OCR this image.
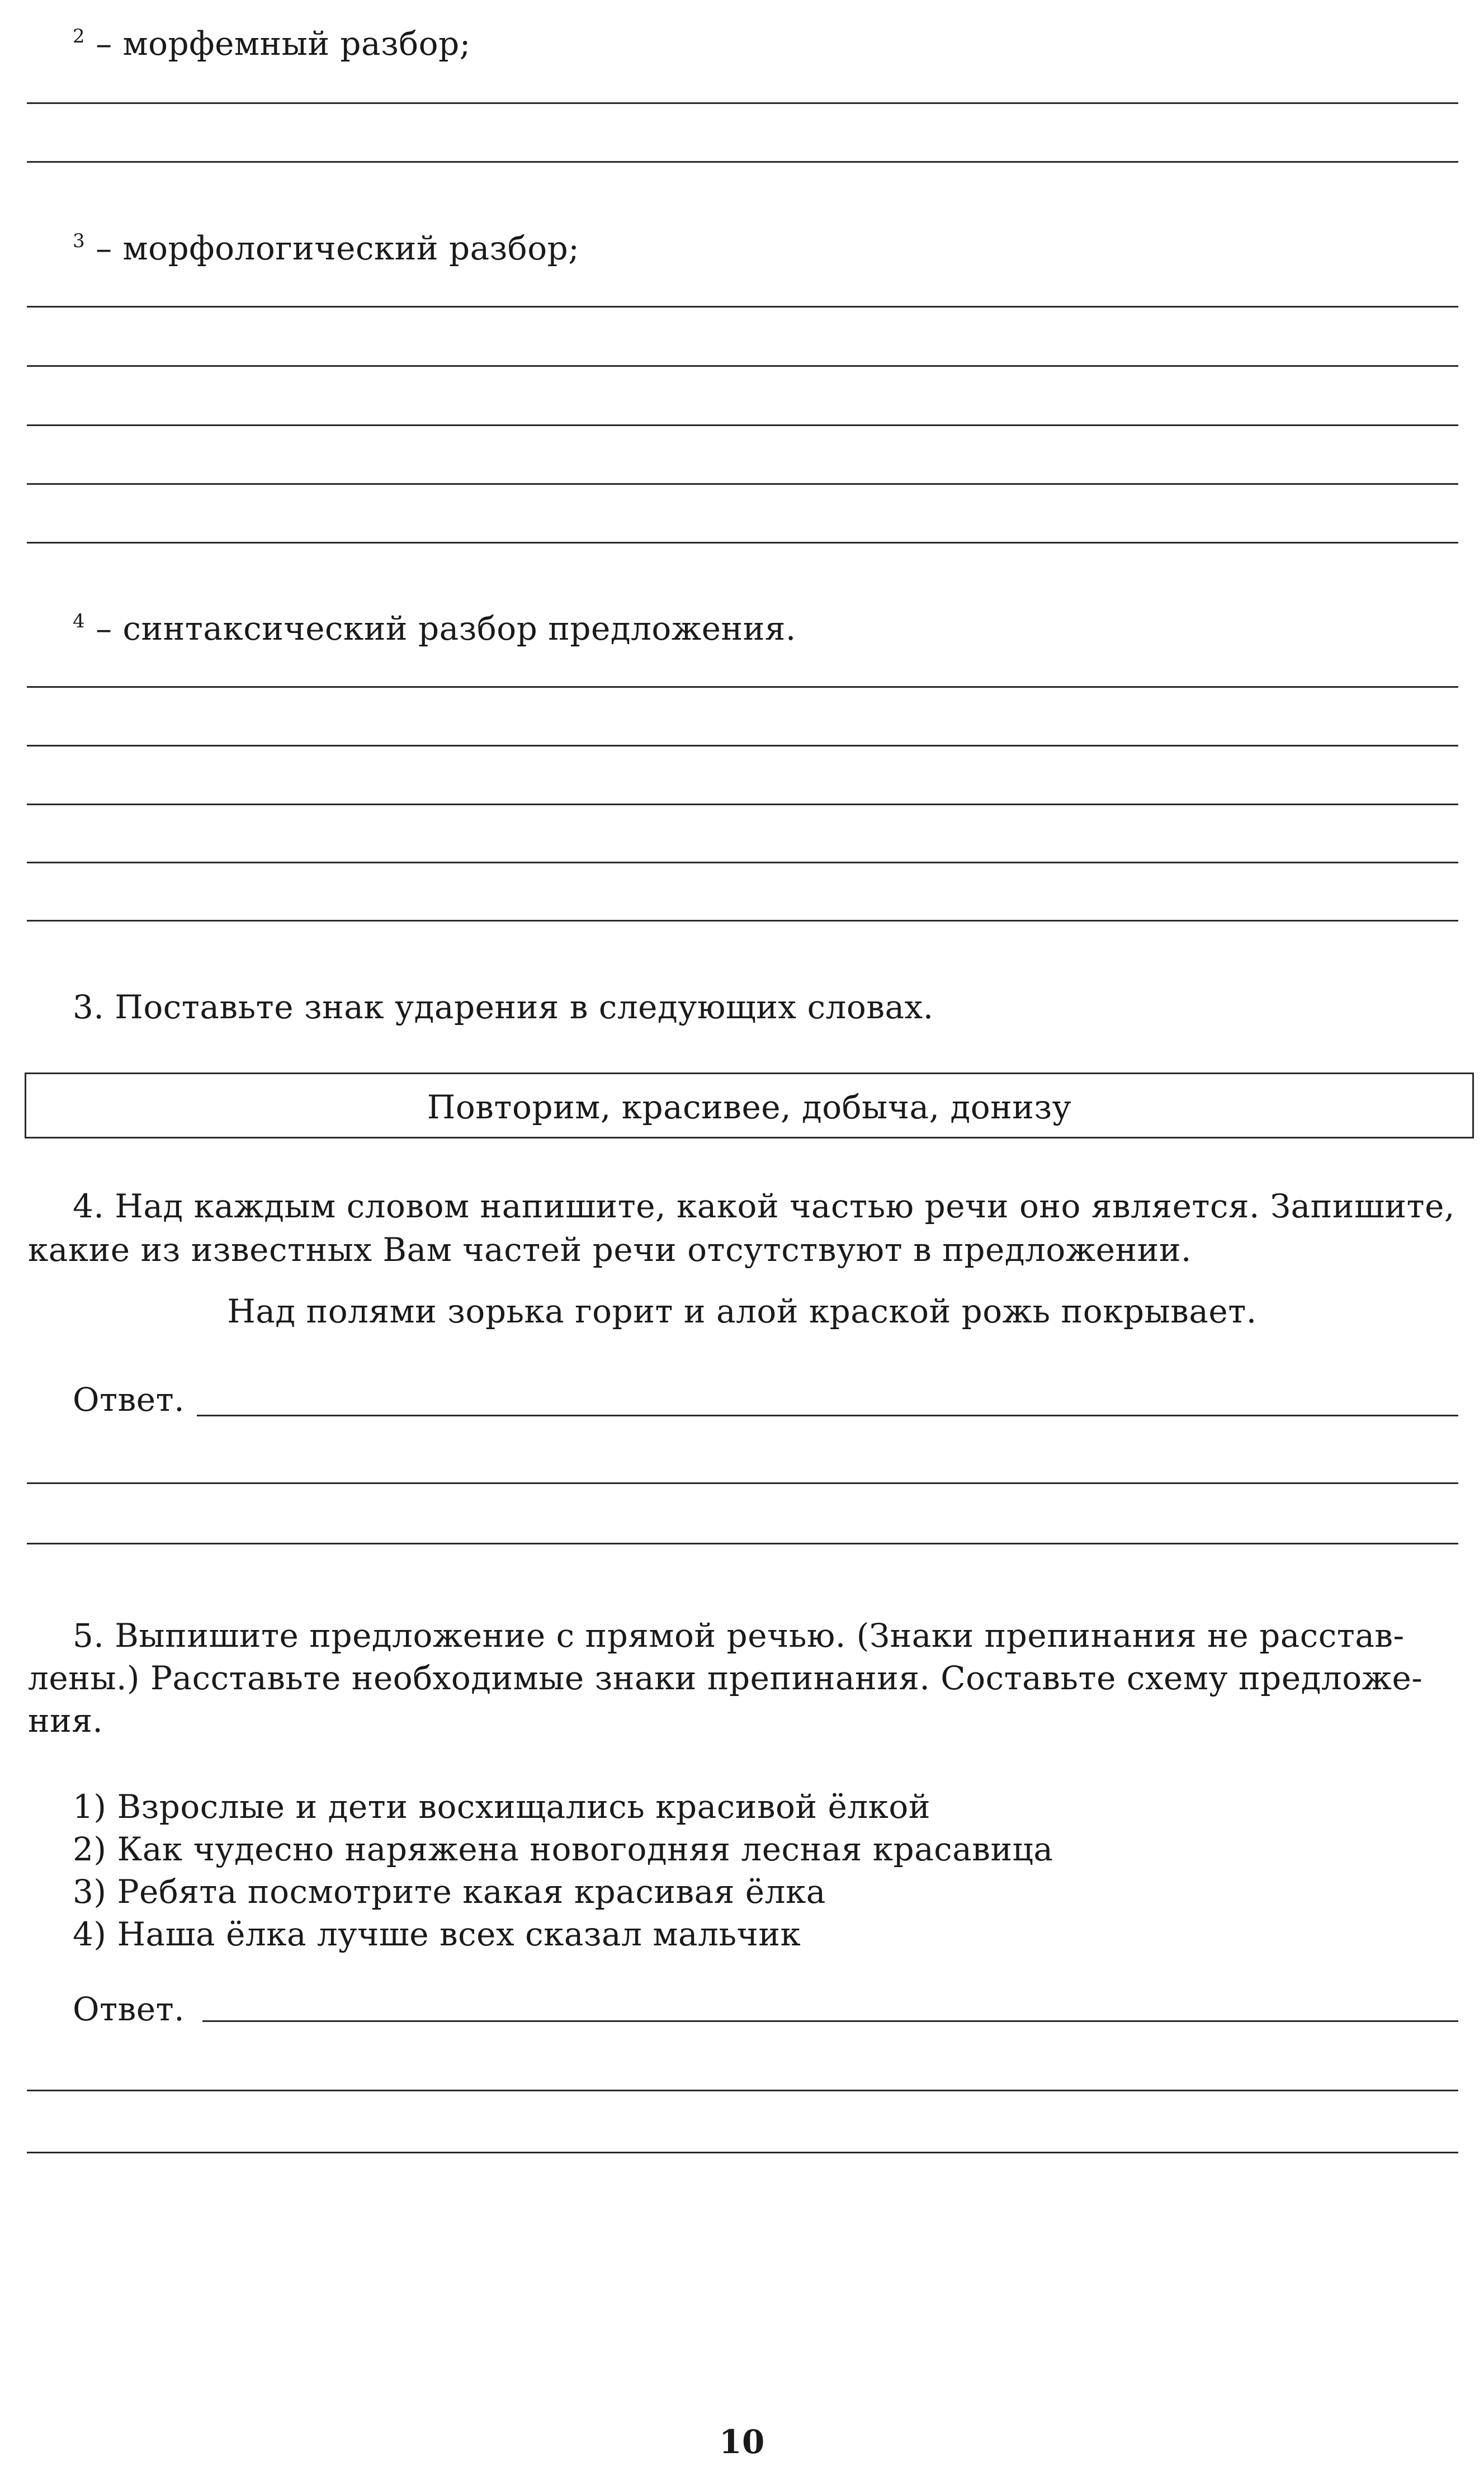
$^2$ – морфемный разбор;
$^3$ – морфологический разбор;
$^4$ – синтаксический разбор предложения.
3. Поставьте знак ударения в следующих словах.
Повторим, красивее, добыча, донизу
4. Над каждым словом напишите, какой частью речи оно является. Запишите,
какие из известных Вам частей речи отсутствуют в предложении.
Над полями зорька горит и алой краской рожь покрывает.
Ответ.
5. Выпишите предложение с прямой речью. (Знаки препинания не расстав-
лены.) Расставьте необходимые знаки препинания. Составьте схему предложе-
ния.
1) Взрослые и дети восхищались красивой ёлкой
2) Как чудесно наряжена новогодняя лесная красавица
3) Ребята посмотрите какая красивая ёлка
4) Наша ёлка лучше всех сказал мальчик
Ответ.
10
